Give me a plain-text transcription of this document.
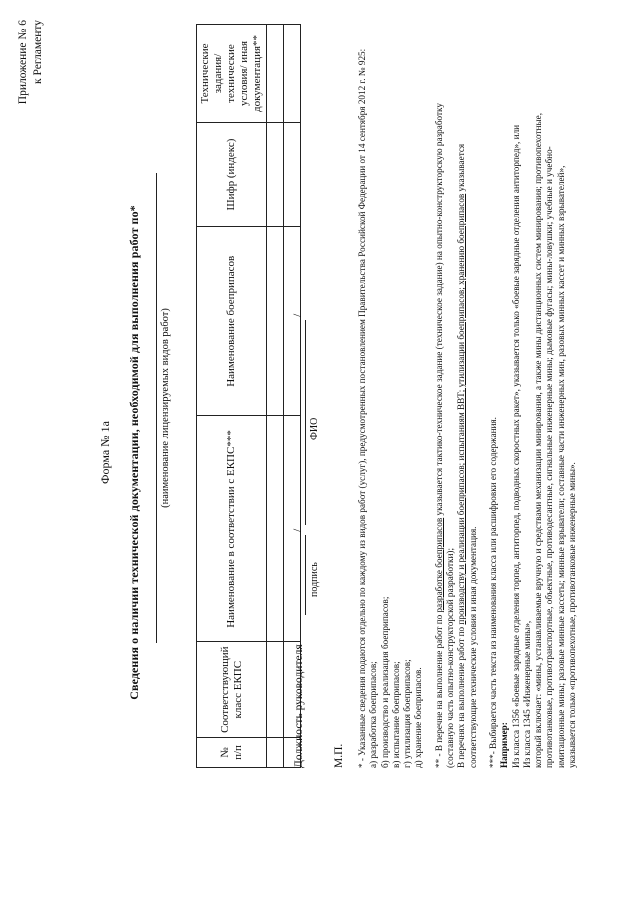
Приложение № 6 к Регламенту
Форма № 1а Сведения о наличии технической документации, необходимой для выполнения работ по* (наименование лицензируемых видов работ)
№ п/п	Соответствующий класс ЕКПС	Наименование в соответствии с ЕКПС***	Наименование боеприпасов	Шифр (индекс)	Технические задания/ технические условия/ иная документация**

Должность руководителя
/
/
подпись
ФИО
М.П. * - Указанные сведения подаются отдельно по каждому из видов работ (услуг), предусмотренных постановлением Правительства Российской Федерации от 14 сентября 2012 г. № 925: а) разработка боеприпасов; б) производство и реализация боеприпасов; в) испытание боеприпасов; г) утилизация боеприпасов; д) хранение боеприпасов. ** - В перечне на выполнение работ по разработке боеприпасов указывается тактико-техническое задание (техническое задание) на опытно-конструкторскую разработку

(составную часть опытно-конструкторской разработки); В перечнях на выполнение работ по производству и реализации боеприпасов; испытаниям ВВТ; утилизации боеприпасов; хранению боеприпасов указывается

соответствующие технические условия и иная документация. ***- Выбирается часть текста из наименования класса или расшифровки его содержания. Например: Из класса 1356 «Боевые зарядные отделения торпед, антиторпед, подводных скоростных ракет», указывается только «боевые зарядные отделения антиторпед», или Из класса 1345 «Инженерные мины», который включает: «мины, устанавливаемые вручную и средствами механизации минирования, а также мины дистанционных систем минирования; противопехотные, противотанковые, противотранспортные, объектные, противодесантные, сигнальные инженерные мины; дымовые фугасы; мины-ловушки; учебные и учебно- имитационные мины; разовые минные кассеты; минные взрыватели; составные части инженерных мин, разовых минных кассет и минных взрывателей», указывается только «противопехотные, противотанковые инженерные мины».
